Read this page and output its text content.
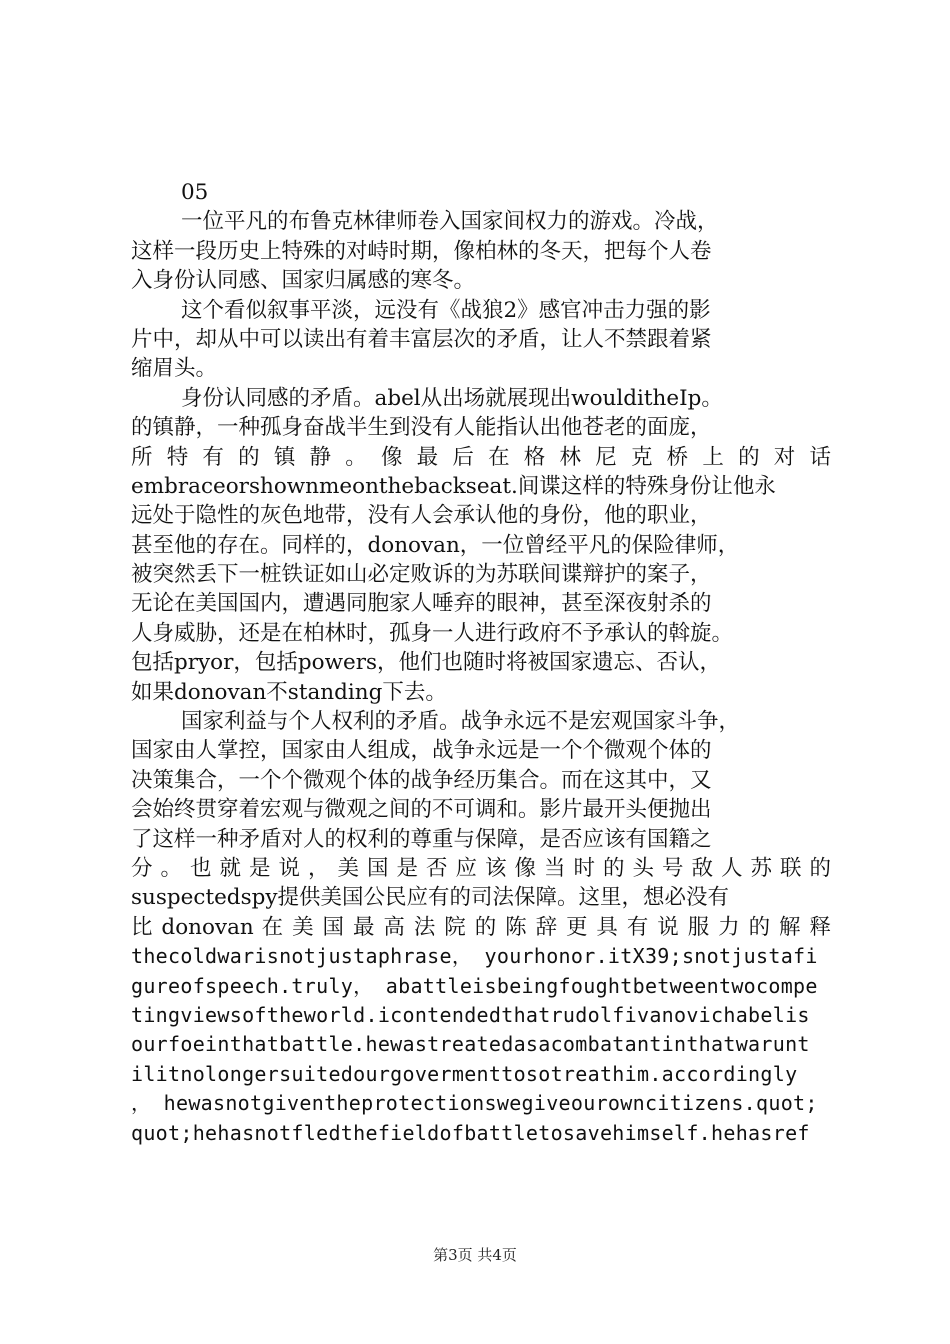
05
一位平凡的布鲁克林律师卷入国家间权力的游戏。冷战，
这样一段历史上特殊的对峙时期，像柏林的冬天，把每个人卷
入身份认同感、国家归属感的寒冬。
这个看似叙事平淡，远没有《战狼2》感官冲击力强的影
片中，却从中可以读出有着丰富层次的矛盾，让人不禁跟着紧
缩眉头。
身份认同感的矛盾。abel从出场就展现出woulditheIp。
的镇静，一种孤身奋战半生到没有人能指认出他苍老的面庞，
所 特 有 的 镇 静 。 像 最 后 在 格 林 尼 克 桥 上 的 对 话
embraceorshownmeonthebackseat.间谍这样的特殊身份让他永
远处于隐性的灰色地带，没有人会承认他的身份，他的职业，
甚至他的存在。同样的，donovan，一位曾经平凡的保险律师，
被突然丢下一桩铁证如山必定败诉的为苏联间谍辩护的案子，
无论在美国国内，遭遇同胞家人唾弃的眼神，甚至深夜射杀的
人身威胁，还是在柏林时，孤身一人进行政府不予承认的斡旋。
包括pryor，包括powers，他们也随时将被国家遗忘、否认，
如果donovan不standing下去。
国家利益与个人权利的矛盾。战争永远不是宏观国家斗争，
国家由人掌控，国家由人组成，战争永远是一个个微观个体的
决策集合，一个个微观个体的战争经历集合。而在这其中，又
会始终贯穿着宏观与微观之间的不可调和。影片最开头便抛出
了这样一种矛盾对人的权利的尊重与保障，是否应该有国籍之
分 。 也 就 是 说 ， 美 国 是 否 应 该 像 当 时 的 头 号 敌 人 苏 联 的
suspectedspy提供美国公民应有的司法保障。这里，想必没有
比 donovan 在 美 国 最 高 法 院 的 陈 辞 更 具 有 说 服 力 的 解 释
thecoldwarisnotjustaphrase， yourhonor.itX39;snotjustafi
gureofspeech.truly， abattleisbeingfoughtbetweentwocompe
tingviewsoftheworld.icontendedthatrudolfivanovichabelis
ourfoeinthatbattle.hewastreatedasacombatantinthatwarunt
ilitnolongersuitedourgovermenttosotreathim.accordingly
， hewasnotgiventheprotectionswegiveourowncitizens.quot;
quot;hehasnotfledthefieldofbattletosavehimself.hehasref
第3页 共4页
